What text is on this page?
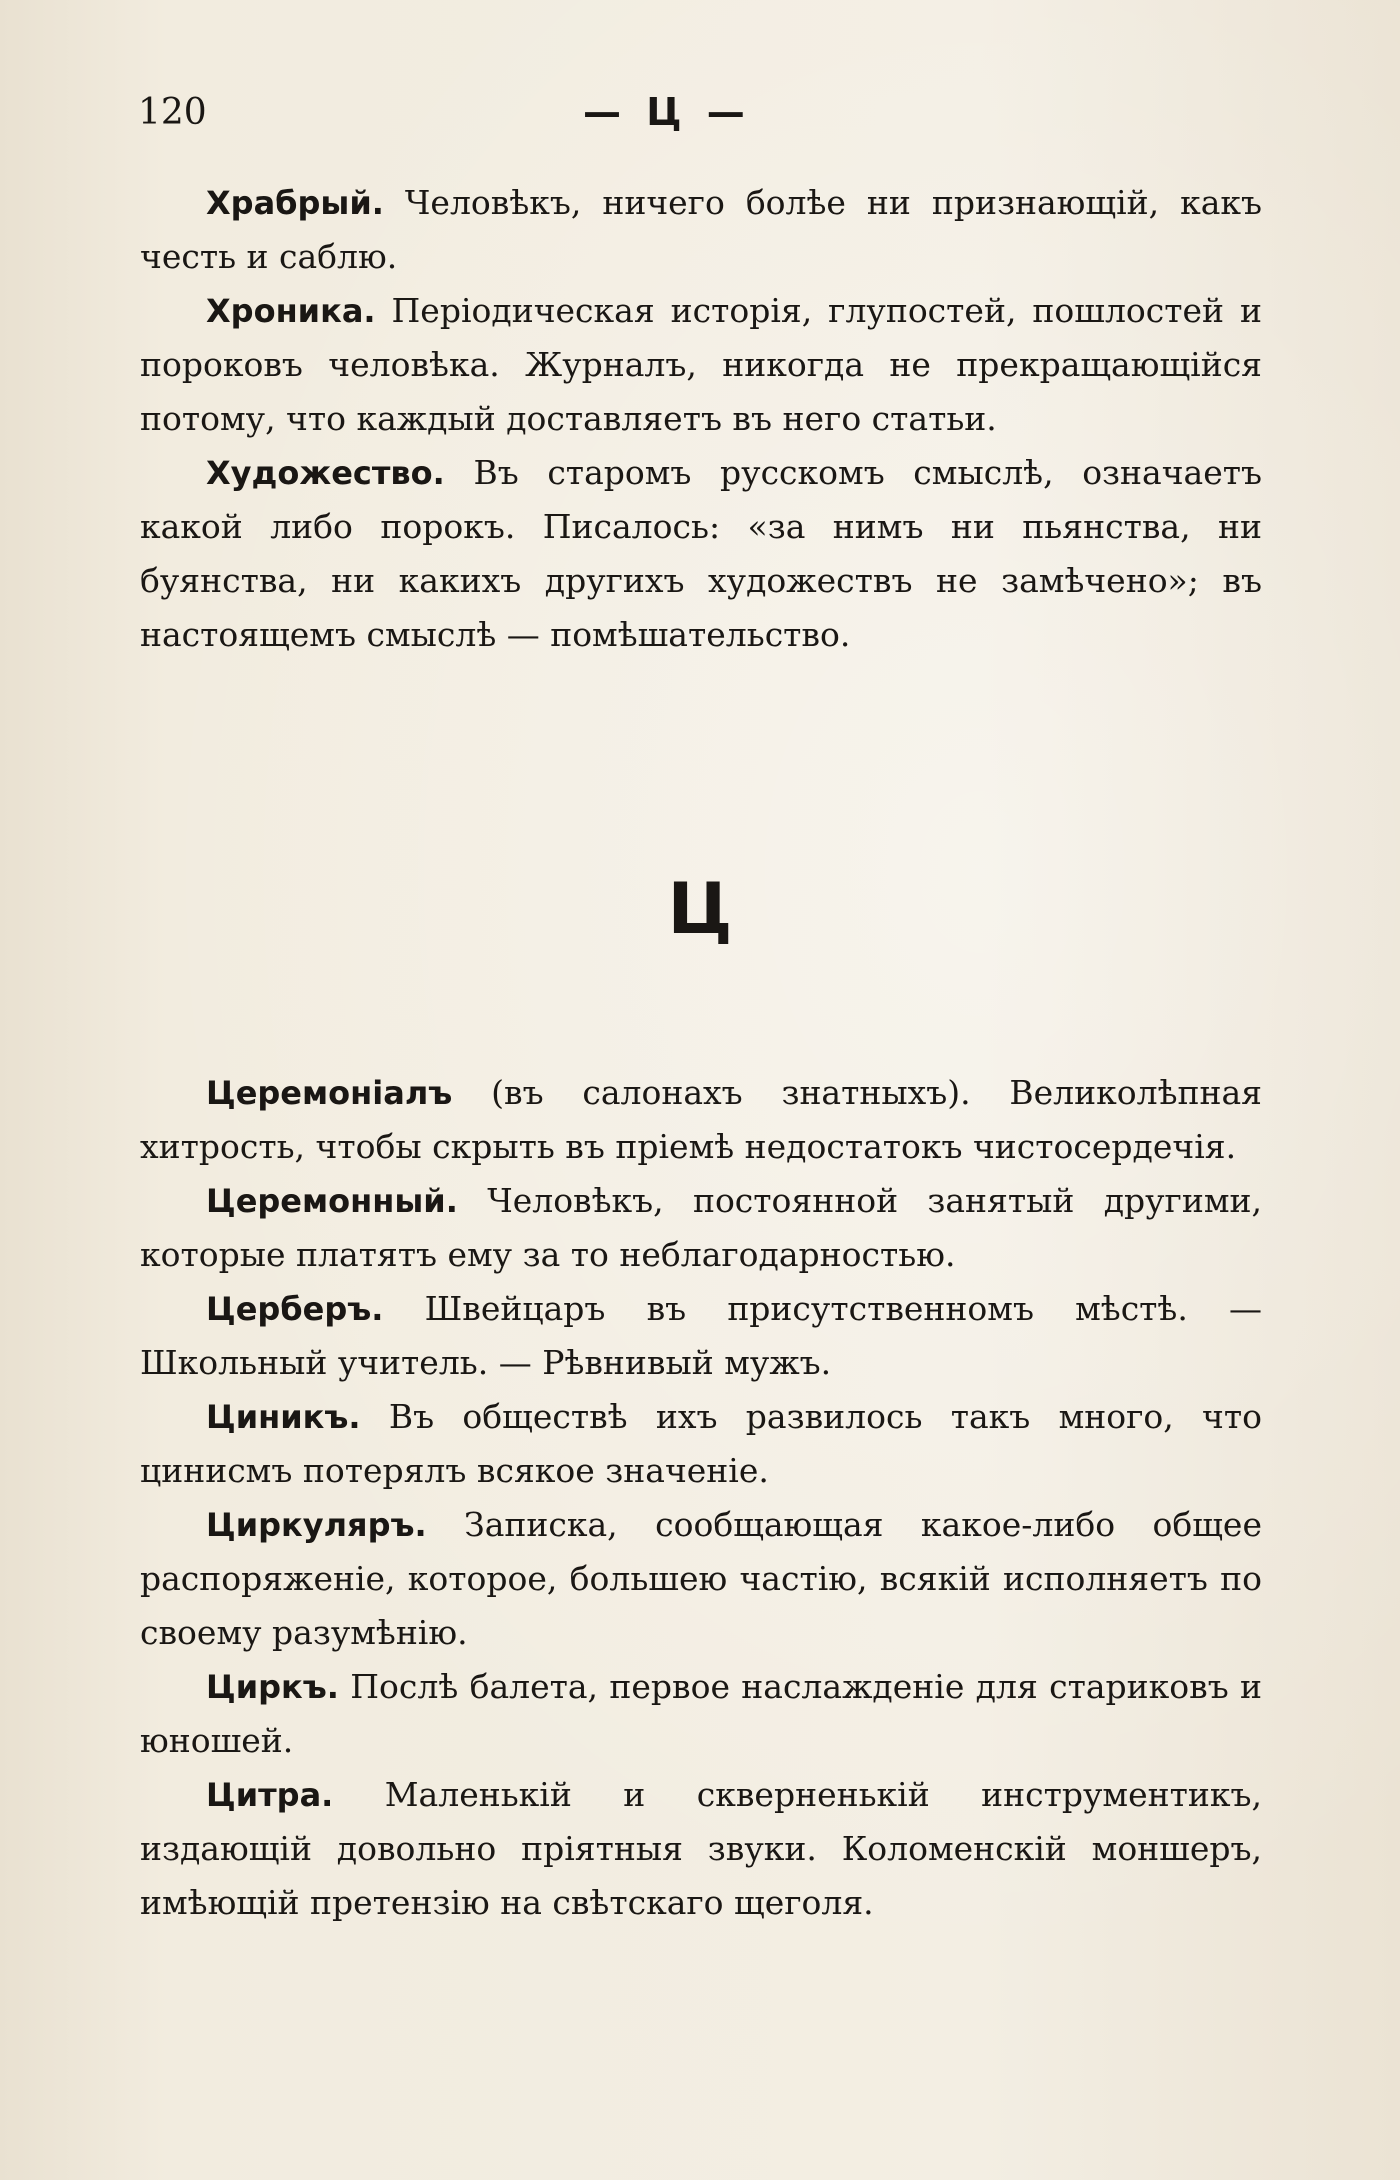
120	— Ц —

Храбрый. Человѣкъ, ничего болѣе ни признающій, какъ честь и саблю.

Хроника. Періодическая исторія, глупостей, пошлостей и пороковъ человѣка. Журналъ, никогда не прекращающійся потому, что каждый доставляетъ въ него статьи.

Художество. Въ старомъ русскомъ смыслѣ, означаетъ какой либо порокъ. Писалось: «за нимъ ни пьянства, ни буянства, ни какихъ другихъ художествъ не замѣчено»; въ настоящемъ смыслѣ — помѣшательство.

Ц

Церемоніалъ (въ салонахъ знатныхъ). Великолѣпная хитрость, чтобы скрыть въ пріемѣ недостатокъ чистосердечія.

Церемонный. Человѣкъ, постоянной занятый другими, которые платятъ ему за то неблагодарностью.

Церберъ. Швейцаръ въ присутственномъ мѣстѣ. — Школьный учитель. — Рѣвнивый мужъ.

Циникъ. Въ обществѣ ихъ развилось такъ много, что цинисмъ потерялъ всякое значеніе.

Циркуляръ. Записка, сообщающая какое-либо общее распоряженіе, которое, большею частію, всякій исполняетъ по своему разумѣнію.

Циркъ. Послѣ балета, первое наслажденіе для стариковъ и юношей.

Цитра. Маленькій и скверненькій инструментикъ, издающій довольно пріятныя звуки. Коломенскій моншеръ, имѣющій претензію на свѣтскаго щеголя.
